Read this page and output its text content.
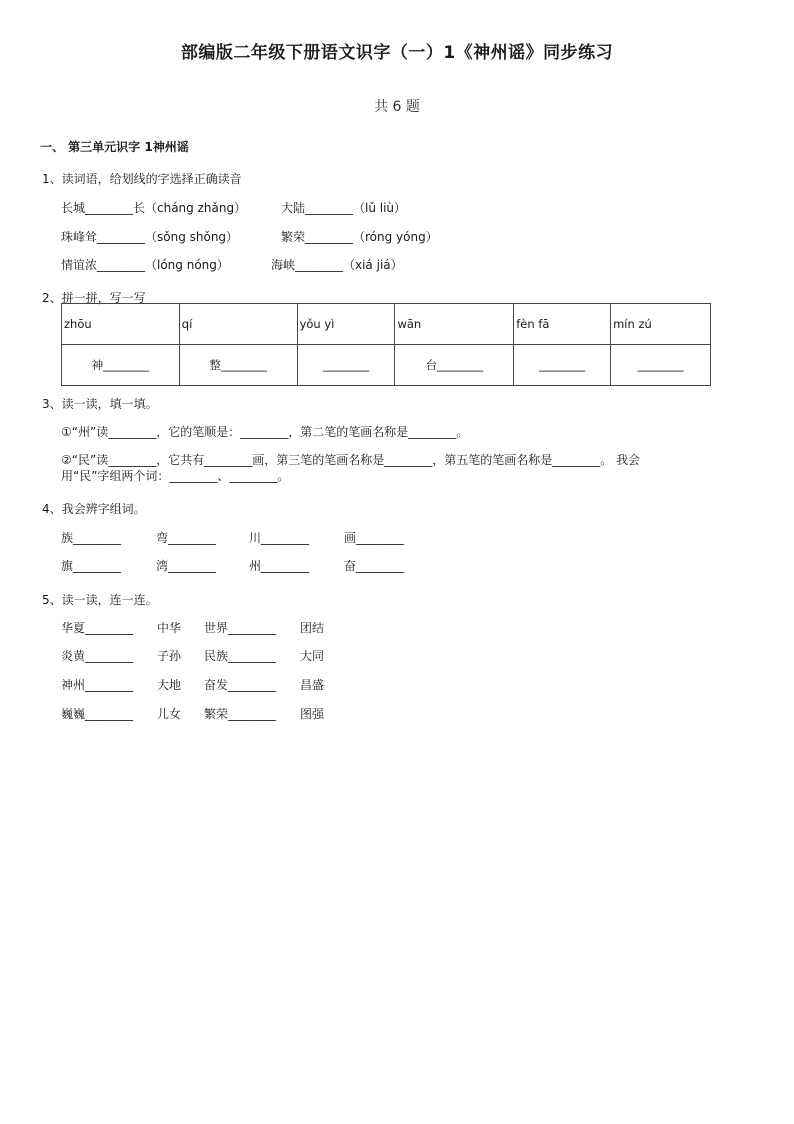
部编版二年级下册语文识字（一）1《神州谣》同步练习
共 6 题
一、 第三单元识字 1神州谣
1、读词语，给划线的字选择正确读音
长城________长（cháng zhǎng）	大陆________（lǔ liù）
珠峰耸________（sǒng shǒng）	繁荣________（róng yóng）
情谊浓________（lóng nóng）	海峡________（xiá jiá）
2、拼一拼，写一写
zhōu	qí	yǒu yì	wān	fèn fā	mín zú
神________	整________	________	台________	________	________
3、读一读，填一填。
①“州”读________，它的笔顺是：________，第二笔的笔画名称是________。
②“民”读________，它共有________画，第三笔的笔画名称是________，第五笔的笔画名称是________。 我会
用“民”字组两个词：________、________。
4、我会辨字组词。
族________	弯________	川________	画________
旗________	湾________	州________	奋________
5、读一读，连一连。
华夏________ 中华 世界________ 团结
炎黄________ 子孙 民族________ 大同
神州________ 大地 奋发________ 昌盛
巍巍________ 儿女 繁荣________ 图强
